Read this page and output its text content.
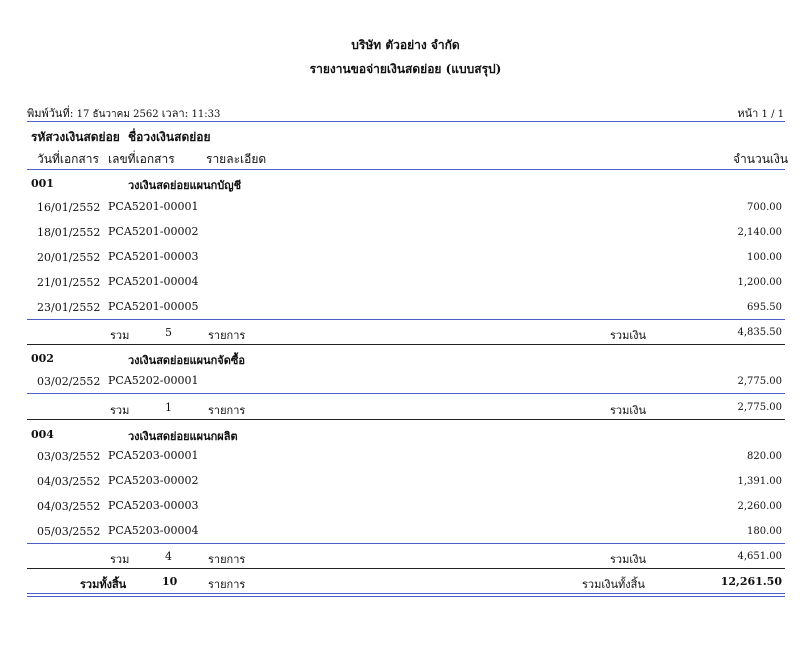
บริษัท ตัวอย่าง จำกัด
รายงานขอจ่ายเงินสดย่อย (แบบสรุป)
พิมพ์วันที่: 17 ธันวาคม 2562 เวลา: 11:33	หน้า 1 / 1
รหัสวงเงินสดย่อย ชื่อวงเงินสดย่อย
วันที่เอกสาร เลขที่เอกสาร	รายละเอียด	จำนวนเงิน
001	วงเงินสดย่อยแผนกบัญชี
16/01/2552 PCA5201-00001	700.00
18/01/2552 PCA5201-00002	2,140.00
20/01/2552 PCA5201-00003	100.00
21/01/2552 PCA5201-00004	1,200.00
23/01/2552 PCA5201-00005	695.50
รวม	5	รายการ	รวมเงิน	4,835.50
002	วงเงินสดย่อยแผนกจัดซื้อ
03/02/2552 PCA5202-00001	2,775.00
รวม	1	รายการ	รวมเงิน	2,775.00
004	วงเงินสดย่อยแผนกผลิต
03/03/2552 PCA5203-00001	820.00
04/03/2552 PCA5203-00002	1,391.00
04/03/2552 PCA5203-00003	2,260.00
05/03/2552 PCA5203-00004	180.00
รวม	4	รายการ	รวมเงิน	4,651.00
รวมทั้งสิ้น	10	รายการ	รวมเงินทั้งสิ้น	12,261.50
